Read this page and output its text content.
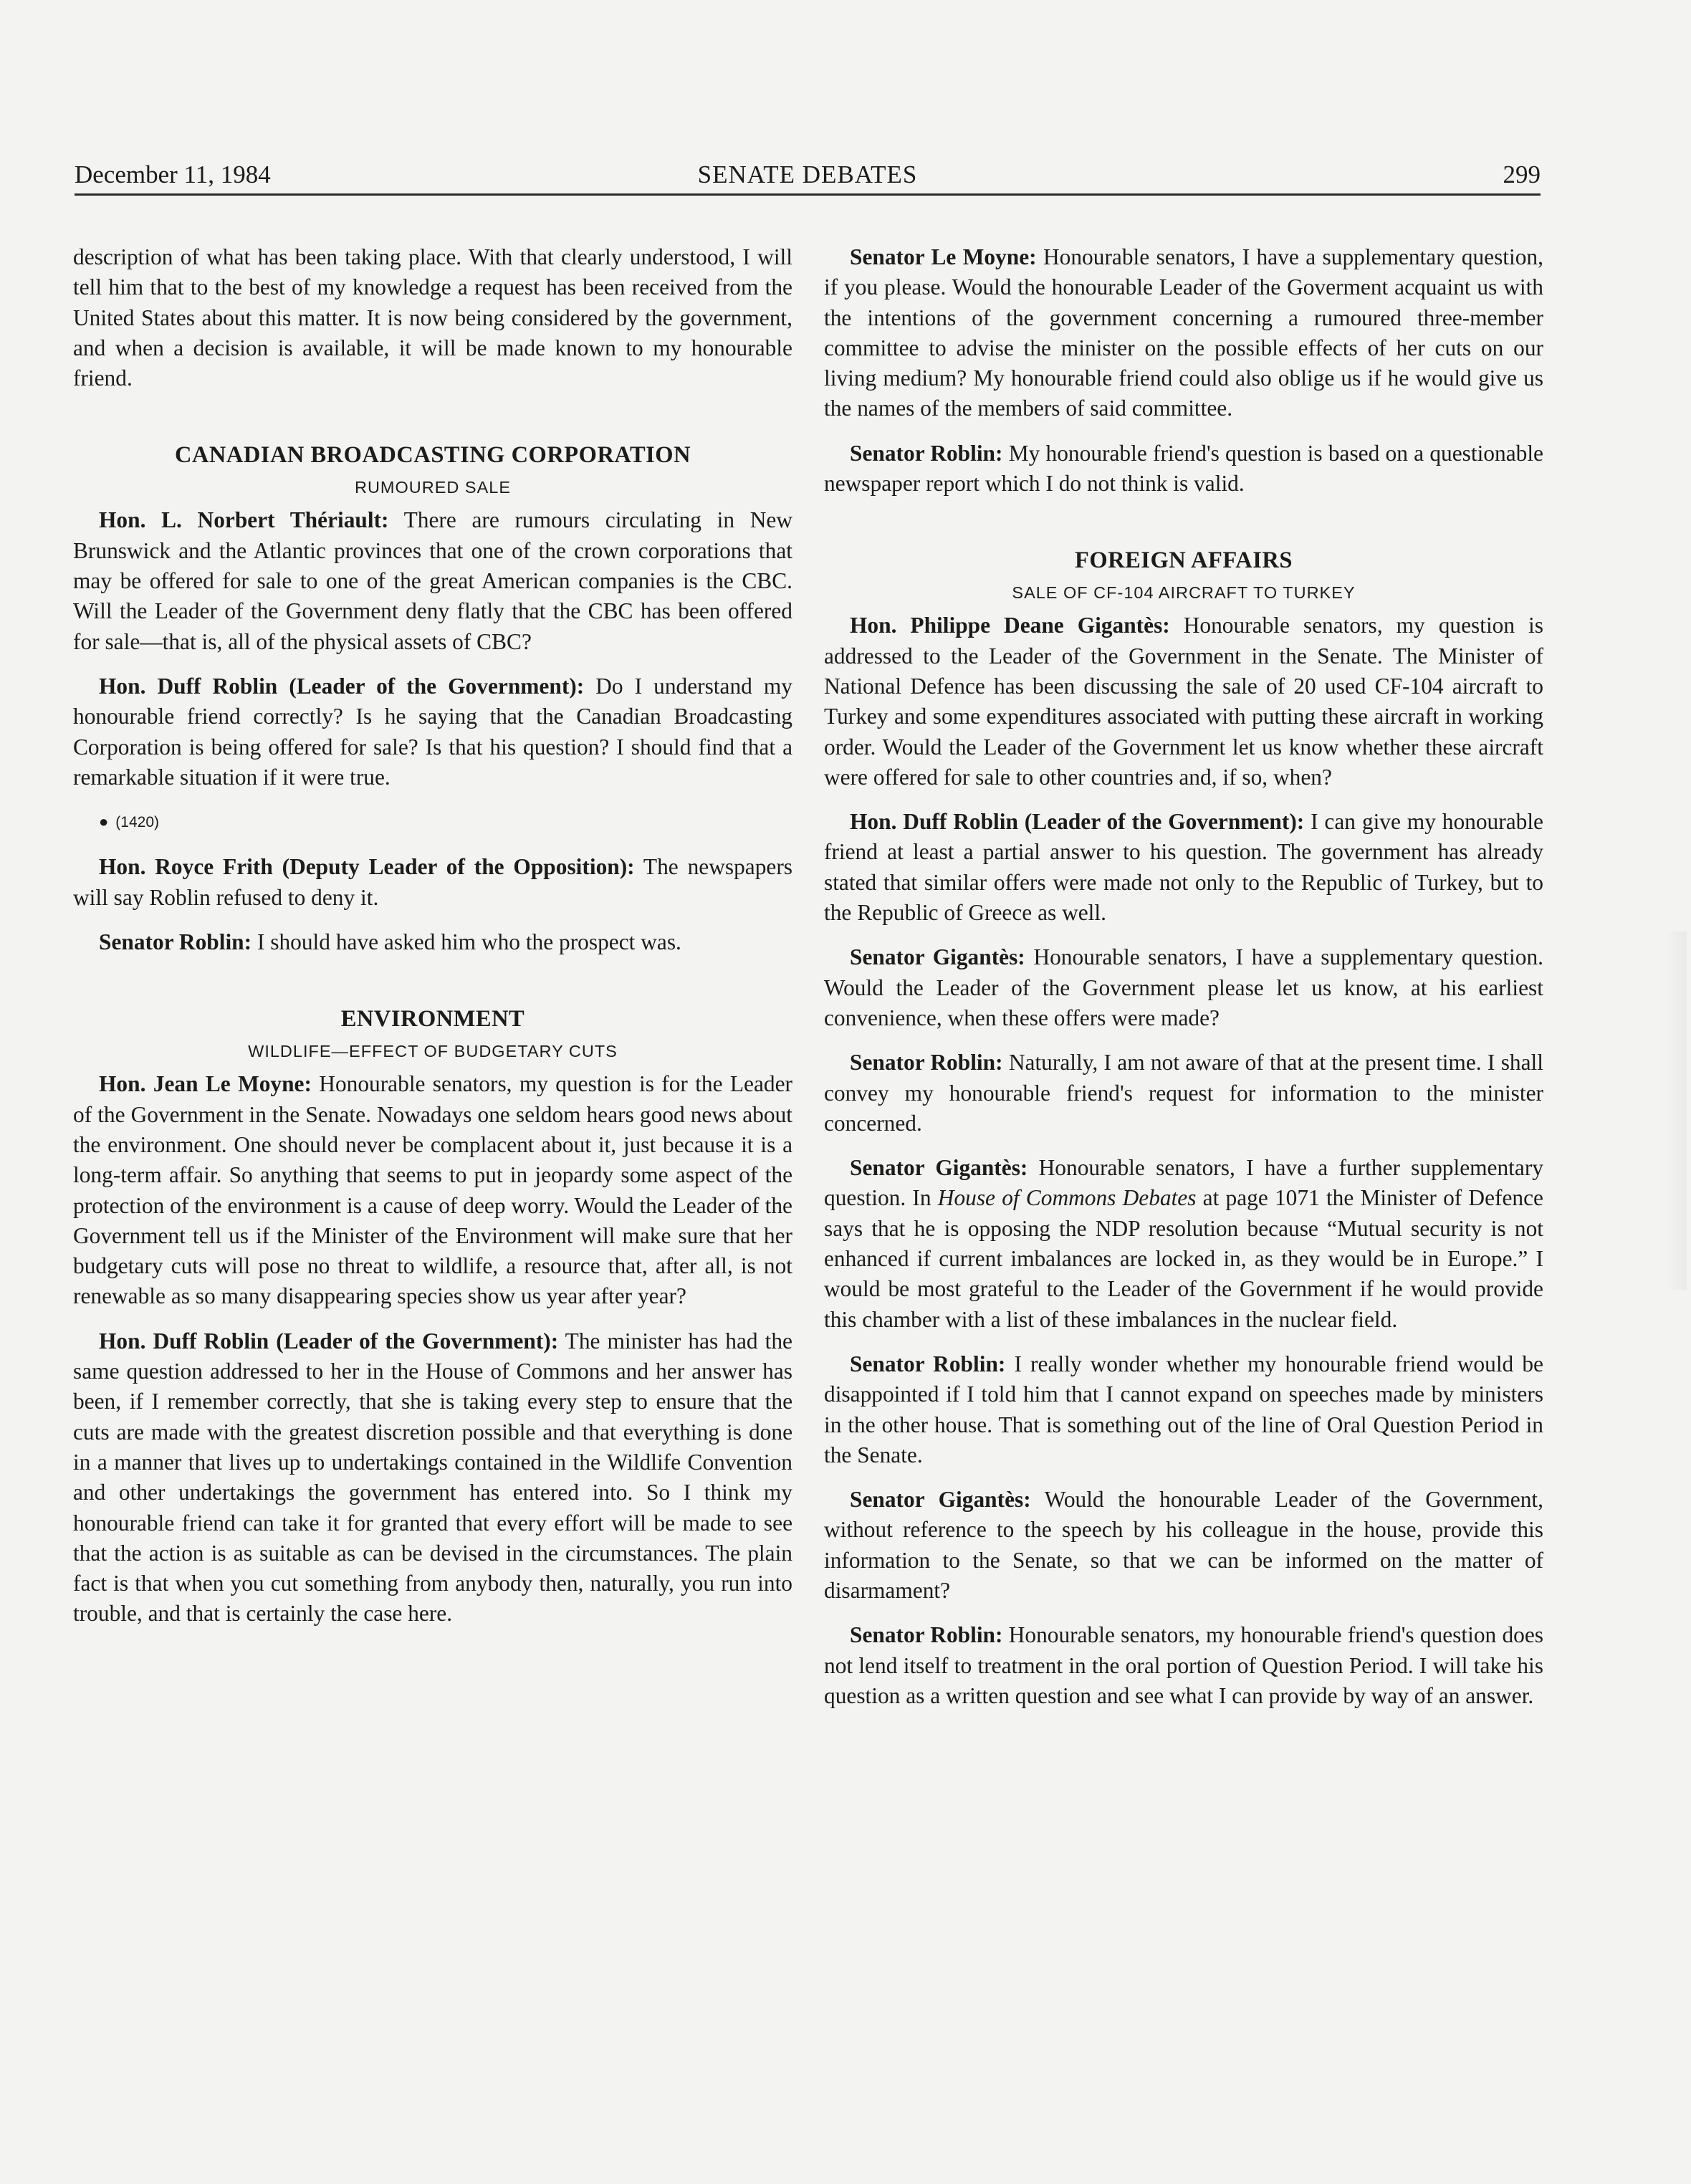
December 11, 1984	SENATE DEBATES	299

description of what has been taking place. With that clearly understood, I will tell him that to the best of my knowledge a request has been received from the United States about this matter. It is now being considered by the government, and when a decision is available, it will be made known to my honourable friend.

CANADIAN BROADCASTING CORPORATION
RUMOURED SALE

Hon. L. Norbert Thériault: There are rumours circulating in New Brunswick and the Atlantic provinces that one of the crown corporations that may be offered for sale to one of the great American companies is the CBC. Will the Leader of the Government deny flatly that the CBC has been offered for sale—that is, all of the physical assets of CBC?

Hon. Duff Roblin (Leader of the Government): Do I understand my honourable friend correctly? Is he saying that the Canadian Broadcasting Corporation is being offered for sale? Is that his question? I should find that a remarkable situation if it were true.

● (1420)

Hon. Royce Frith (Deputy Leader of the Opposition): The newspapers will say Roblin refused to deny it.

Senator Roblin: I should have asked him who the prospect was.

ENVIRONMENT
WILDLIFE—EFFECT OF BUDGETARY CUTS

Hon. Jean Le Moyne: Honourable senators, my question is for the Leader of the Government in the Senate. Nowadays one seldom hears good news about the environment. One should never be complacent about it, just because it is a long-term affair. So anything that seems to put in jeopardy some aspect of the protection of the environment is a cause of deep worry. Would the Leader of the Government tell us if the Minister of the Environment will make sure that her budgetary cuts will pose no threat to wildlife, a resource that, after all, is not renewable as so many disappearing species show us year after year?

Hon. Duff Roblin (Leader of the Government): The minister has had the same question addressed to her in the House of Commons and her answer has been, if I remember correctly, that she is taking every step to ensure that the cuts are made with the greatest discretion possible and that everything is done in a manner that lives up to undertakings contained in the Wildlife Convention and other undertakings the government has entered into. So I think my honourable friend can take it for granted that every effort will be made to see that the action is as suitable as can be devised in the circumstances. The plain fact is that when you cut something from anybody then, naturally, you run into trouble, and that is certainly the case here.

Senator Le Moyne: Honourable senators, I have a supplementary question, if you please. Would the honourable Leader of the Goverment acquaint us with the intentions of the government concerning a rumoured three-member committee to advise the minister on the possible effects of her cuts on our living medium? My honourable friend could also oblige us if he would give us the names of the members of said committee.

Senator Roblin: My honourable friend's question is based on a questionable newspaper report which I do not think is valid.

FOREIGN AFFAIRS
SALE OF CF-104 AIRCRAFT TO TURKEY

Hon. Philippe Deane Gigantès: Honourable senators, my question is addressed to the Leader of the Government in the Senate. The Minister of National Defence has been discussing the sale of 20 used CF-104 aircraft to Turkey and some expenditures associated with putting these aircraft in working order. Would the Leader of the Government let us know whether these aircraft were offered for sale to other countries and, if so, when?

Hon. Duff Roblin (Leader of the Government): I can give my honourable friend at least a partial answer to his question. The government has already stated that similar offers were made not only to the Republic of Turkey, but to the Republic of Greece as well.

Senator Gigantès: Honourable senators, I have a supplementary question. Would the Leader of the Government please let us know, at his earliest convenience, when these offers were made?

Senator Roblin: Naturally, I am not aware of that at the present time. I shall convey my honourable friend's request for information to the minister concerned.

Senator Gigantès: Honourable senators, I have a further supplementary question. In House of Commons Debates at page 1071 the Minister of Defence says that he is opposing the NDP resolution because “Mutual security is not enhanced if current imbalances are locked in, as they would be in Europe.” I would be most grateful to the Leader of the Government if he would provide this chamber with a list of these imbalances in the nuclear field.

Senator Roblin: I really wonder whether my honourable friend would be disappointed if I told him that I cannot expand on speeches made by ministers in the other house. That is something out of the line of Oral Question Period in the Senate.

Senator Gigantès: Would the honourable Leader of the Government, without reference to the speech by his colleague in the house, provide this information to the Senate, so that we can be informed on the matter of disarmament?

Senator Roblin: Honourable senators, my honourable friend's question does not lend itself to treatment in the oral portion of Question Period. I will take his question as a written question and see what I can provide by way of an answer.
